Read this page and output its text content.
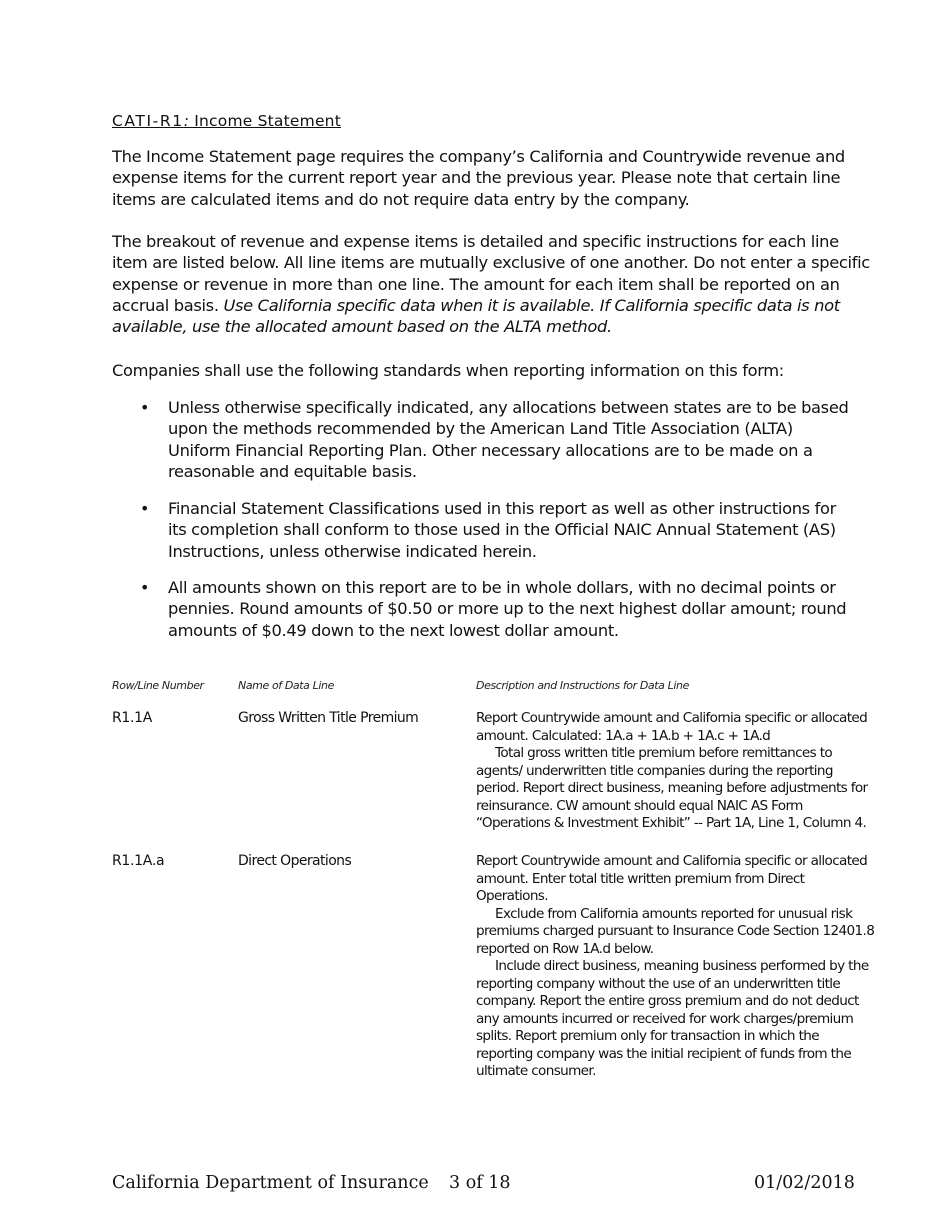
CATI-R1: Income Statement
The Income Statement page requires the company’s California and Countrywide revenue and expense items for the current report year and the previous year. Please note that certain line items are calculated items and do not require data entry by the company.
The breakout of revenue and expense items is detailed and specific instructions for each line item are listed below. All line items are mutually exclusive of one another. Do not enter a specific expense or revenue in more than one line. The amount for each item shall be reported on an accrual basis. Use California specific data when it is available. If California specific data is not available, use the allocated amount based on the ALTA method.
Companies shall use the following standards when reporting information on this form:
• Unless otherwise specifically indicated, any allocations between states are to be based upon the methods recommended by the American Land Title Association (ALTA) Uniform Financial Reporting Plan. Other necessary allocations are to be made on a reasonable and equitable basis.
• Financial Statement Classifications used in this report as well as other instructions for its completion shall conform to those used in the Official NAIC Annual Statement (AS) Instructions, unless otherwise indicated herein.
• All amounts shown on this report are to be in whole dollars, with no decimal points or pennies. Round amounts of $0.50 or more up to the next highest dollar amount; round amounts of $0.49 down to the next lowest dollar amount.
Row/Line Number	Name of Data Line	Description and Instructions for Data Line
R1.1A	Gross Written Title Premium	Report Countrywide amount and California specific or allocated amount. Calculated: 1A.a + 1A.b + 1A.c + 1A.d

Total gross written title premium before remittances to agents/ underwritten title companies during the reporting period. Report direct business, meaning before adjustments for reinsurance. CW amount should equal NAIC AS Form “Operations & Investment Exhibit” -- Part 1A, Line 1, Column 4.

R1.1A.a	Direct Operations	Report Countrywide amount and California specific or allocated amount. Enter total title written premium from Direct Operations.

Exclude from California amounts reported for unusual risk premiums charged pursuant to Insurance Code Section 12401.8 reported on Row 1A.d below.

Include direct business, meaning business performed by the reporting company without the use of an underwritten title company. Report the entire gross premium and do not deduct any amounts incurred or received for work charges/premium splits. Report premium only for transaction in which the reporting company was the initial recipient of funds from the ultimate consumer.

California Department of Insurance 3 of 18	01/02/2018
